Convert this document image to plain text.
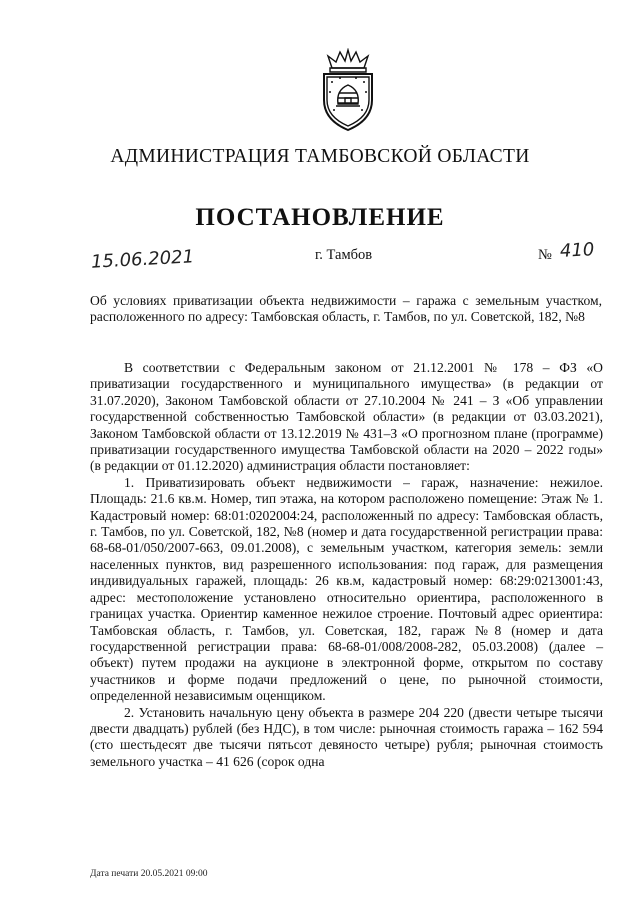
АДМИНИСТРАЦИЯ ТАМБОВСКОЙ ОБЛАСТИ
ПОСТАНОВЛЕНИЕ
15.06.2021	г. Тамбов	№ 410
Об условиях приватизации объекта недвижимости – гаража с земельным участком, расположенного по адресу: Тамбовская область, г. Тамбов, по ул. Советской, 182, №8

В соответствии с Федеральным законом от 21.12.2001 № 178 – ФЗ «О приватизации государственного и муниципального имущества» (в редакции от 31.07.2020), Законом Тамбовской области от 27.10.2004 № 241 – З «Об управлении государственной собственностью Тамбовской области» (в редакции от 03.03.2021), Законом Тамбовской области от 13.12.2019 № 431–З «О прогнозном плане (программе) приватизации государственного имущества Тамбовской области на 2020 – 2022 годы» (в редакции от 01.12.2020) администрация области постановляет:

1. Приватизировать объект недвижимости – гараж, назначение: нежилое. Площадь: 21.6 кв.м. Номер, тип этажа, на котором расположено помещение: Этаж № 1. Кадастровый номер: 68:01:0202004:24, расположенный по адресу: Тамбовская область, г. Тамбов, по ул. Советской, 182, №8 (номер и дата государственной регистрации права: 68-68-01/050/2007-663, 09.01.2008), с земельным участком, категория земель: земли населенных пунктов, вид разрешенного использования: под гараж, для размещения индивидуальных гаражей, площадь: 26 кв.м, кадастровый номер: 68:29:0213001:43, адрес: местоположение установлено относительно ориентира, расположенного в границах участка. Ориентир каменное нежилое строение. Почтовый адрес ориентира: Тамбовская область, г. Тамбов, ул. Советская, 182, гараж №8 (номер и дата государственной регистрации права: 68-68-01/008/2008-282, 05.03.2008) (далее – объект) путем продажи на аукционе в электронной форме, открытом по составу участников и форме подачи предложений о цене, по рыночной стоимости, определенной независимым оценщиком.

2. Установить начальную цену объекта в размере 204 220 (двести четыре тысячи двести двадцать) рублей (без НДС), в том числе: рыночная стоимость гаража – 162 594 (сто шестьдесят две тысячи пятьсот девяносто четыре) рубля; рыночная стоимость земельного участка – 41 626 (сорок одна

Дата печати 20.05.2021 09:00
